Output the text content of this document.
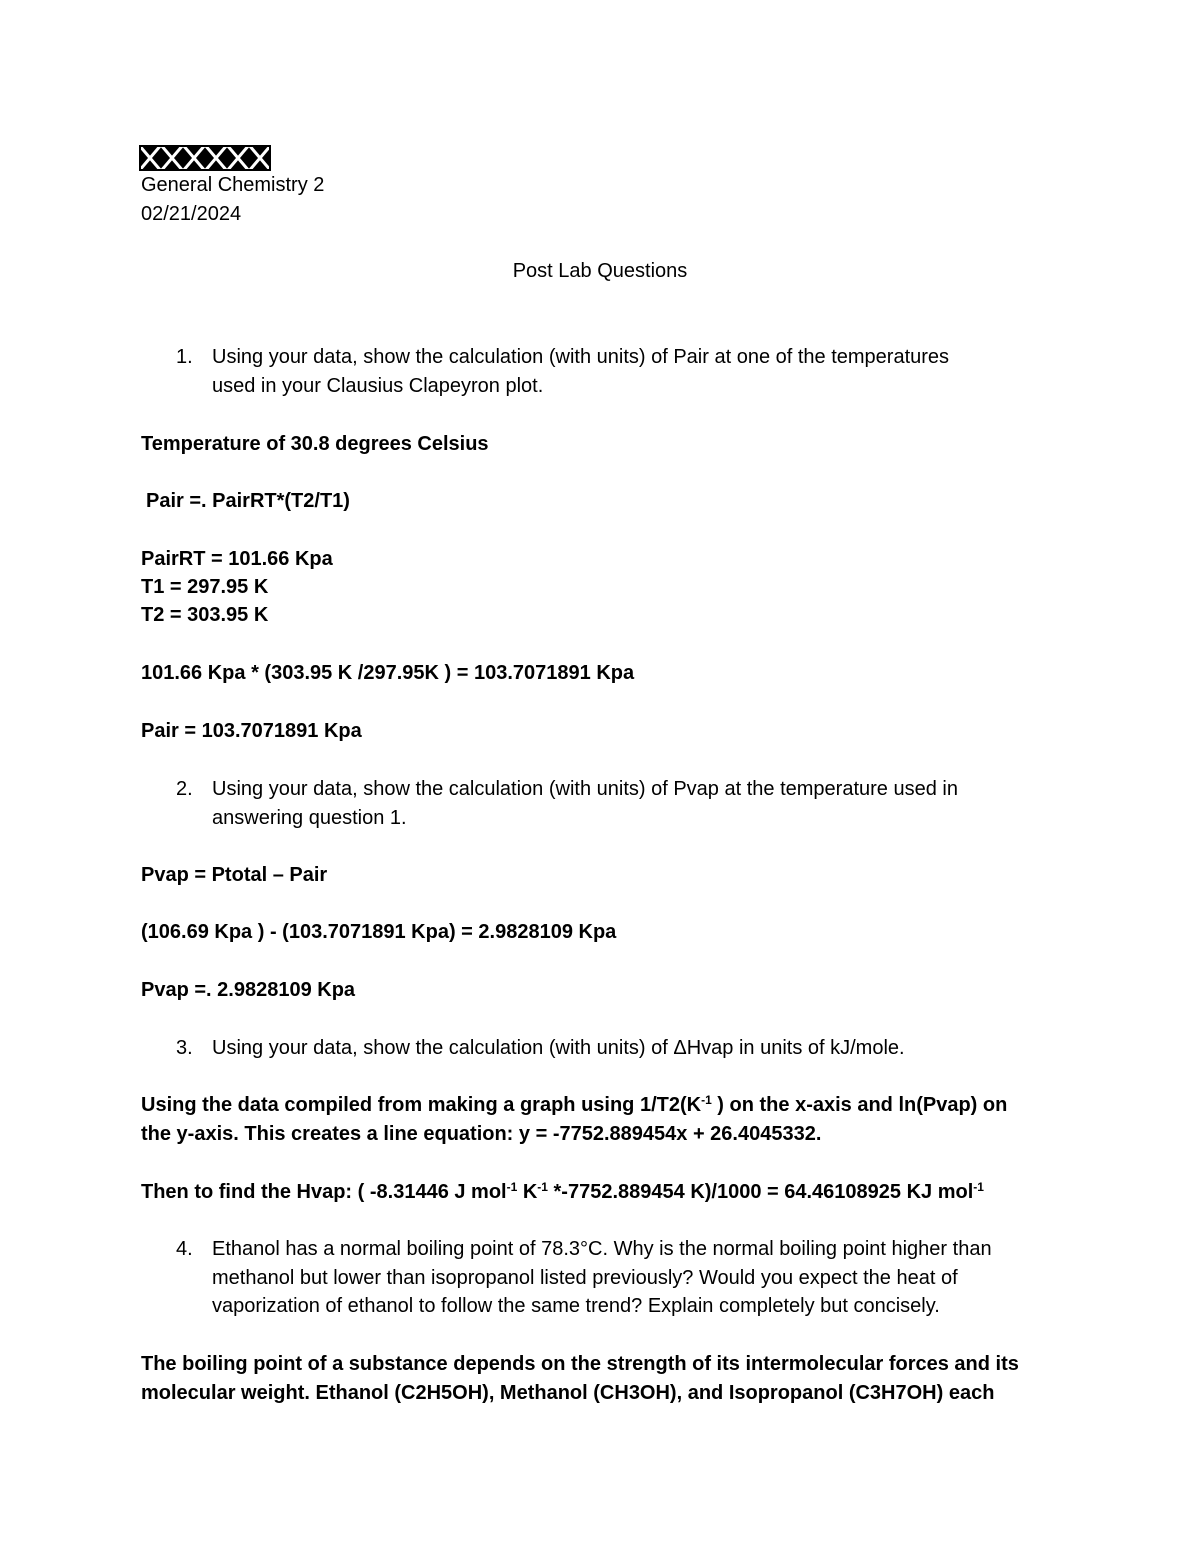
General Chemistry 2
02/21/2024
Post Lab Questions
1. Using your data, show the calculation (with units) of Pair at one of the temperatures
used in your Clausius Clapeyron plot.
Temperature of 30.8 degrees Celsius
Pair =. PairRT*(T2/T1)
PairRT = 101.66 Kpa
T1 = 297.95 K
T2 = 303.95 K
101.66 Kpa * (303.95 K /297.95K ) = 103.7071891 Kpa
Pair = 103.7071891 Kpa
2. Using your data, show the calculation (with units) of Pvap at the temperature used in
answering question 1.
Pvap = Ptotal – Pair
(106.69 Kpa ) - (103.7071891 Kpa) = 2.9828109 Kpa
Pvap =. 2.9828109 Kpa
3. Using your data, show the calculation (with units) of ΔHvap in units of kJ/mole.
Using the data compiled from making a graph using $1/T2(K^{-1}$ ) on the x-axis and ln(Pvap) on
the y-axis. This creates a line equation: y = -7752.889454x + 26.4045332.
Then to find the Hvap: ( -8.31446 J mol$^{-1}$ $K^{-1}$ *-7752.889454 K)/1000 = 64.46108925 KJ mol$^{-1}$
4. Ethanol has a normal boiling point of 78.3°C. Why is the normal boiling point higher than
methanol but lower than isopropanol listed previously? Would you expect the heat of
vaporization of ethanol to follow the same trend? Explain completely but concisely.
The boiling point of a substance depends on the strength of its intermolecular forces and its
molecular weight. Ethanol (C2H5OH), Methanol (CH3OH), and Isopropanol (C3H7OH) each
